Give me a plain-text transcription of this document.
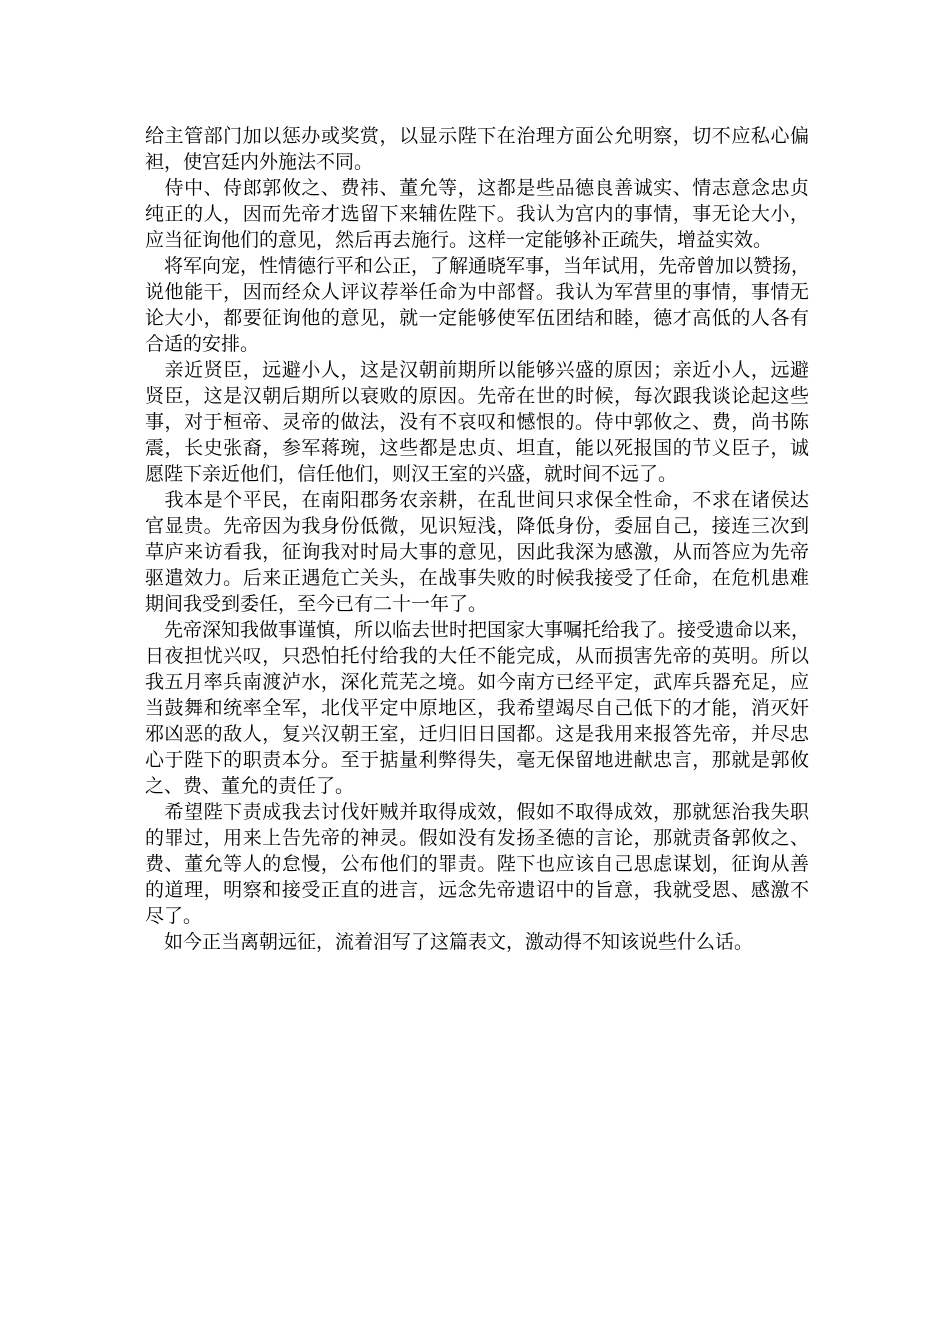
给主管部门加以惩办或奖赏，以显示陛下在治理方面公允明察，切不应私心偏
袒，使宫廷内外施法不同。
　侍中、侍郎郭攸之、费祎、董允等，这都是些品德良善诚实、情志意念忠贞
纯正的人，因而先帝才选留下来辅佐陛下。我认为宫内的事情，事无论大小，
应当征询他们的意见，然后再去施行。这样一定能够补正疏失，增益实效。
　将军向宠，性情德行平和公正，了解通晓军事，当年试用，先帝曾加以赞扬，
说他能干，因而经众人评议荐举任命为中部督。我认为军营里的事情，事情无
论大小，都要征询他的意见，就一定能够使军伍团结和睦，德才高低的人各有
合适的安排。
　亲近贤臣，远避小人，这是汉朝前期所以能够兴盛的原因；亲近小人，远避
贤臣，这是汉朝后期所以衰败的原因。先帝在世的时候，每次跟我谈论起这些
事，对于桓帝、灵帝的做法，没有不哀叹和憾恨的。侍中郭攸之、费，尚书陈
震，长史张裔，参军蒋琬，这些都是忠贞、坦直，能以死报国的节义臣子，诚
愿陛下亲近他们，信任他们，则汉王室的兴盛，就时间不远了。
　我本是个平民，在南阳郡务农亲耕，在乱世间只求保全性命，不求在诸侯达
官显贵。先帝因为我身份低微，见识短浅，降低身份，委屈自己，接连三次到
草庐来访看我，征询我对时局大事的意见，因此我深为感激，从而答应为先帝
驱遣效力。后来正遇危亡关头，在战事失败的时候我接受了任命，在危机患难
期间我受到委任，至今已有二十一年了。
　先帝深知我做事谨慎，所以临去世时把国家大事嘱托给我了。接受遗命以来，
日夜担忧兴叹，只恐怕托付给我的大任不能完成，从而损害先帝的英明。所以
我五月率兵南渡泸水，深化荒芜之境。如今南方已经平定，武库兵器充足，应
当鼓舞和统率全军，北伐平定中原地区，我希望竭尽自己低下的才能，消灭奸
邪凶恶的敌人，复兴汉朝王室，迁归旧日国都。这是我用来报答先帝，并尽忠
心于陛下的职责本分。至于掂量利弊得失，毫无保留地进献忠言，那就是郭攸
之、费、董允的责任了。
　希望陛下责成我去讨伐奸贼并取得成效，假如不取得成效，那就惩治我失职
的罪过，用来上告先帝的神灵。假如没有发扬圣德的言论，那就责备郭攸之、
费、董允等人的怠慢，公布他们的罪责。陛下也应该自己思虑谋划，征询从善
的道理，明察和接受正直的进言，远念先帝遗诏中的旨意，我就受恩、感激不
尽了。
　如今正当离朝远征，流着泪写了这篇表文，激动得不知该说些什么话。
